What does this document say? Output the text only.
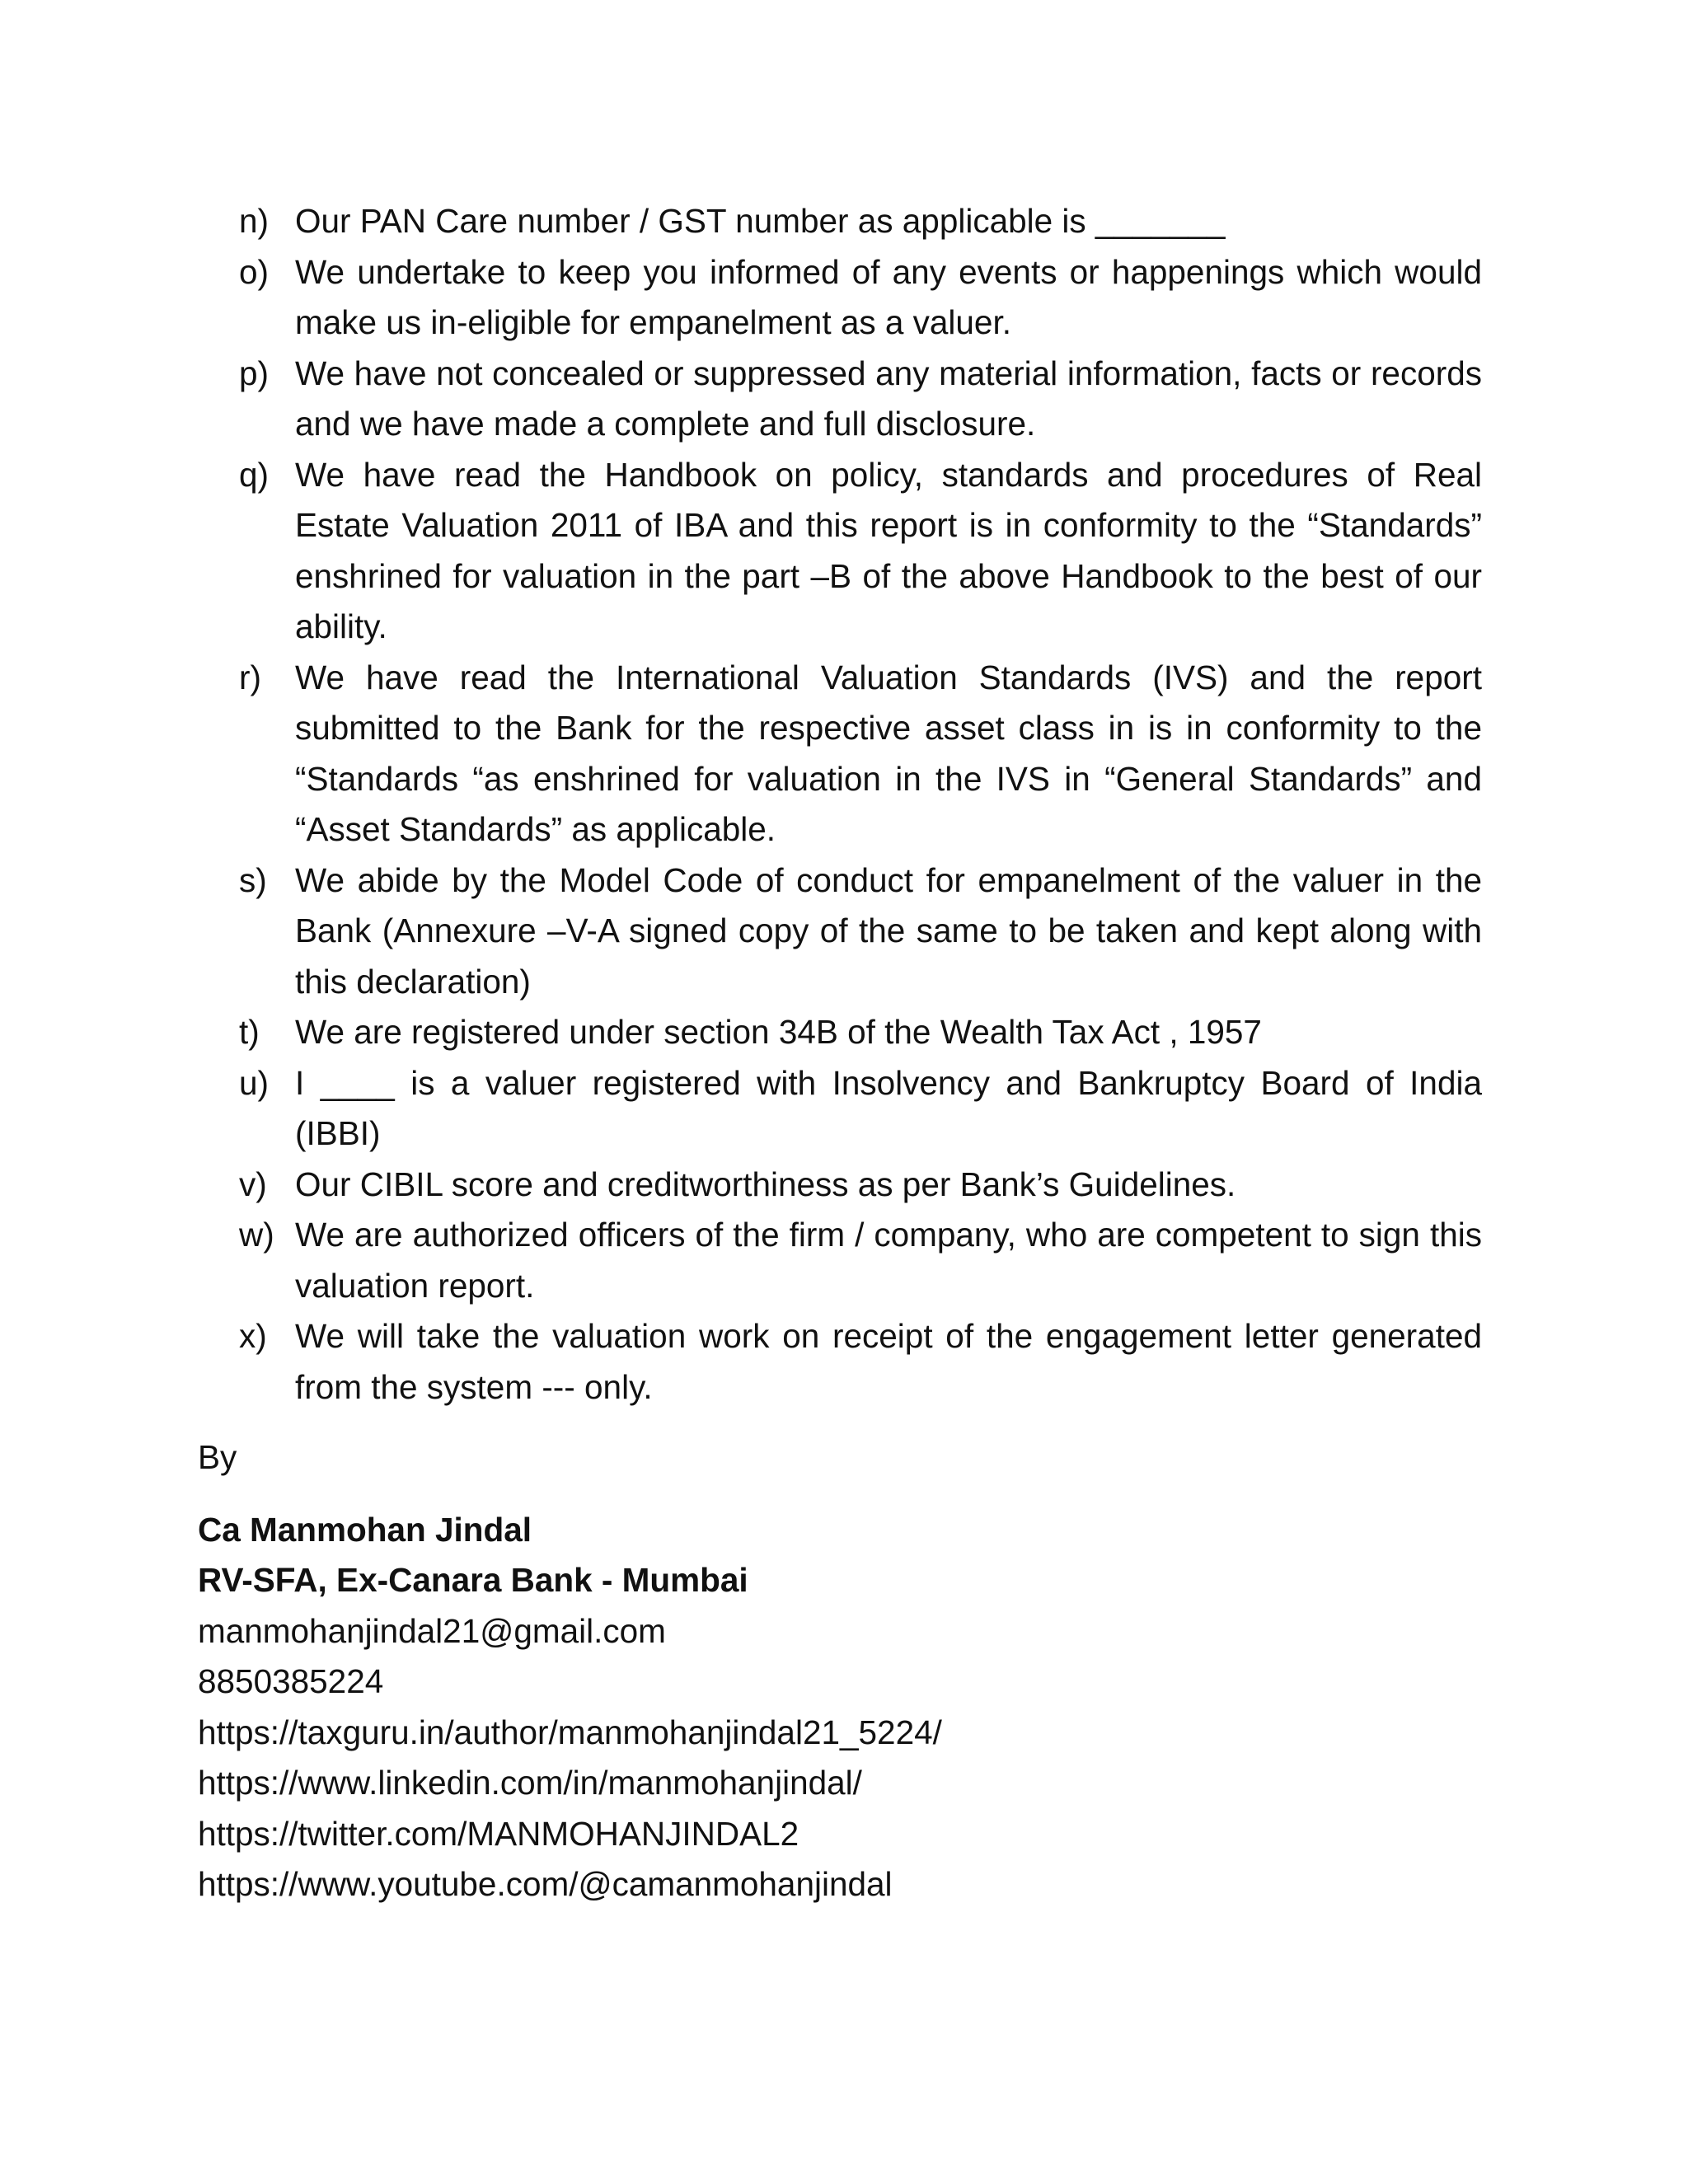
n) Our PAN Care number / GST number as applicable is _______
o) We undertake to keep you informed of any events or happenings which would make us in-eligible for empanelment as a valuer.
p) We have not concealed or suppressed any material information, facts or records and we have made a complete and full disclosure.
q) We have read the Handbook on policy, standards and procedures of Real Estate Valuation 2011 of IBA and this report is in conformity to the “Standards” enshrined for valuation in the part –B of the above Handbook to the best of our ability.
r)	We have read the International Valuation Standards (IVS) and the report submitted to the Bank for the respective asset class in is in conformity to the “Standards “as enshrined for valuation in the IVS in “General Standards” and “Asset Standards” as applicable.
s) We abide by the Model Code of conduct for empanelment of the valuer in the Bank (Annexure –V-A signed copy of the same to be taken and kept along with this declaration)
t)	We are registered under section 34B of the Wealth Tax Act , 1957
u) I ____ is a valuer registered with Insolvency and Bankruptcy Board of India (IBBI)
v) Our CIBIL score and creditworthiness as per Bank’s Guidelines.
w) We are authorized officers of the firm / company, who are competent to sign this valuation report.
x) We will take the valuation work on receipt of the engagement letter generated from the system --- only.

By

Ca Manmohan Jindal

RV-SFA, Ex-Canara Bank - Mumbai

manmohanjindal21@gmail.com

8850385224

https://taxguru.in/author/manmohanjindal21_5224/

https://www.linkedin.com/in/manmohanjindal/

https://twitter.com/MANMOHANJINDAL2

https://www.youtube.com/@camanmohanjindal
